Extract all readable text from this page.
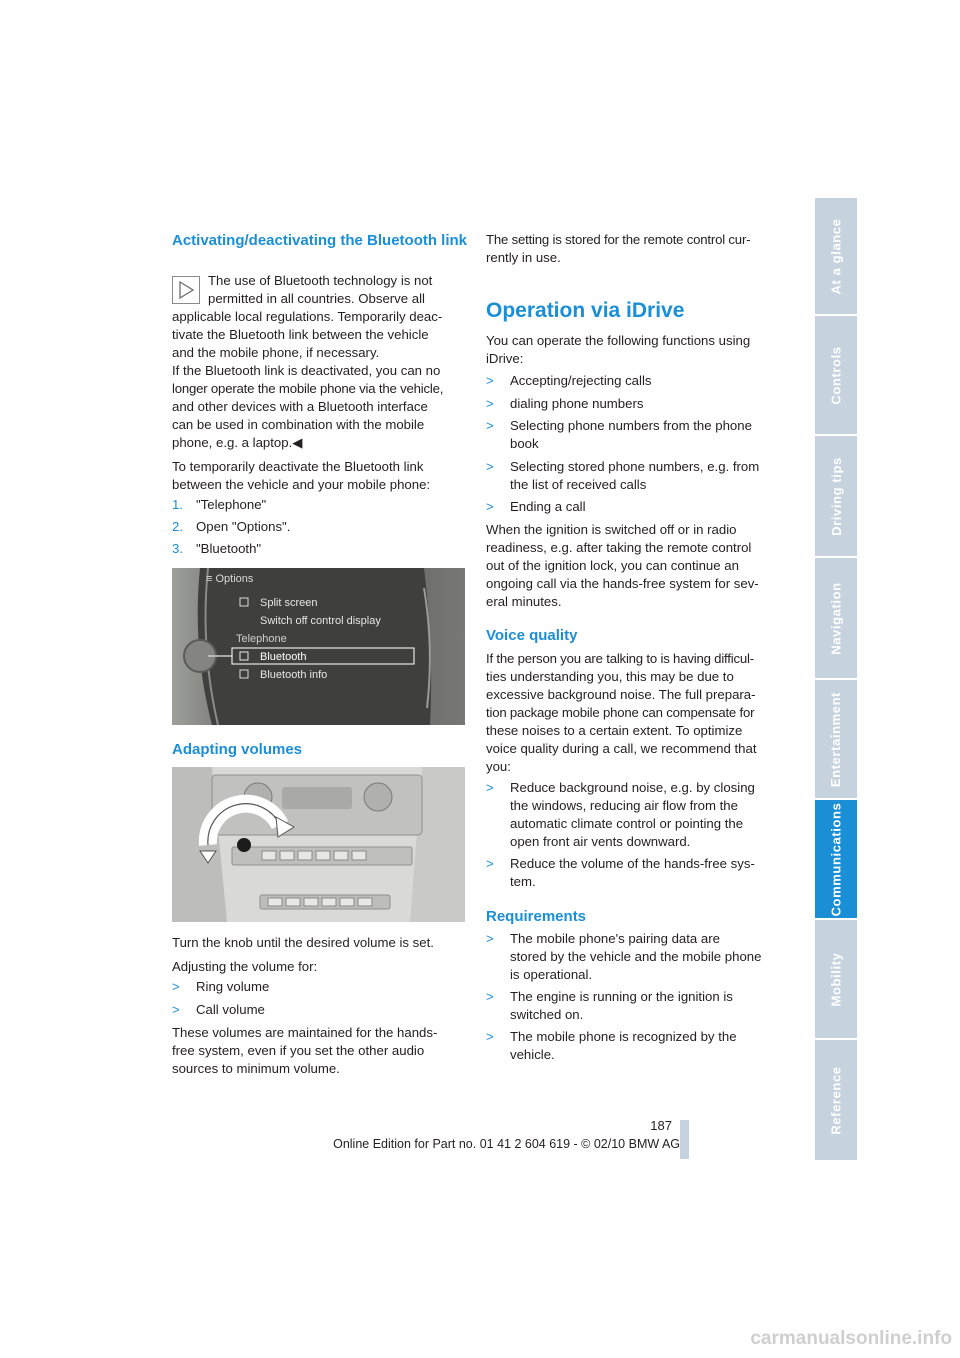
Activating/deactivating the Bluetooth link

The use of Bluetooth technology is not

permitted in all countries. Observe all

applicable local regulations. Temporarily deac-

tivate the Bluetooth link between the vehicle

and the mobile phone, if necessary.

If the Bluetooth link is deactivated, you can no

longer operate the mobile phone via the vehicle,

and other devices with a Bluetooth interface

can be used in combination with the mobile

phone, e.g. a laptop.◀

To temporarily deactivate the Bluetooth link

between the vehicle and your mobile phone:

1. "Telephone"
2. Open "Options".
3. "Bluetooth"
≡ Options
Split screen
Switch off control display
Telephone
Bluetooth
Bluetooth info
Adapting volumes

Turn the knob until the desired volume is set.

Adjusting the volume for:

> Ring volume
> Call volume

These volumes are maintained for the hands-

free system, even if you set the other audio

sources to minimum volume.

The setting is stored for the remote control cur-

rently in use.

Operation via iDrive

You can operate the following functions using

iDrive:

> Accepting/rejecting calls
> dialing phone numbers
> Selecting phone numbers from the phone
book
> Selecting stored phone numbers, e.g. from
the list of received calls
> Ending a call

When the ignition is switched off or in radio

readiness, e.g. after taking the remote control

out of the ignition lock, you can continue an

ongoing call via the hands-free system for sev-

eral minutes.

Voice quality

If the person you are talking to is having difficul-

ties understanding you, this may be due to

excessive background noise. The full prepara-

tion package mobile phone can compensate for

these noises to a certain extent. To optimize

voice quality during a call, we recommend that

you:

> Reduce background noise, e.g. by closing
the windows, reducing air flow from the
automatic climate control or pointing the
open front air vents downward.
> Reduce the volume of the hands-free sys-
tem.
Requirements
> The mobile phone's pairing data are
stored by the vehicle and the mobile phone
is operational.
> The engine is running or the ignition is
switched on.
> The mobile phone is recognized by the
vehicle.
At a glance
Controls
Driving tips
Navigation
Entertainment
Communications
Mobility
Reference
187
Online Edition for Part no. 01 41 2 604 619 - © 02/10 BMW AG
carmanualsonline.info
